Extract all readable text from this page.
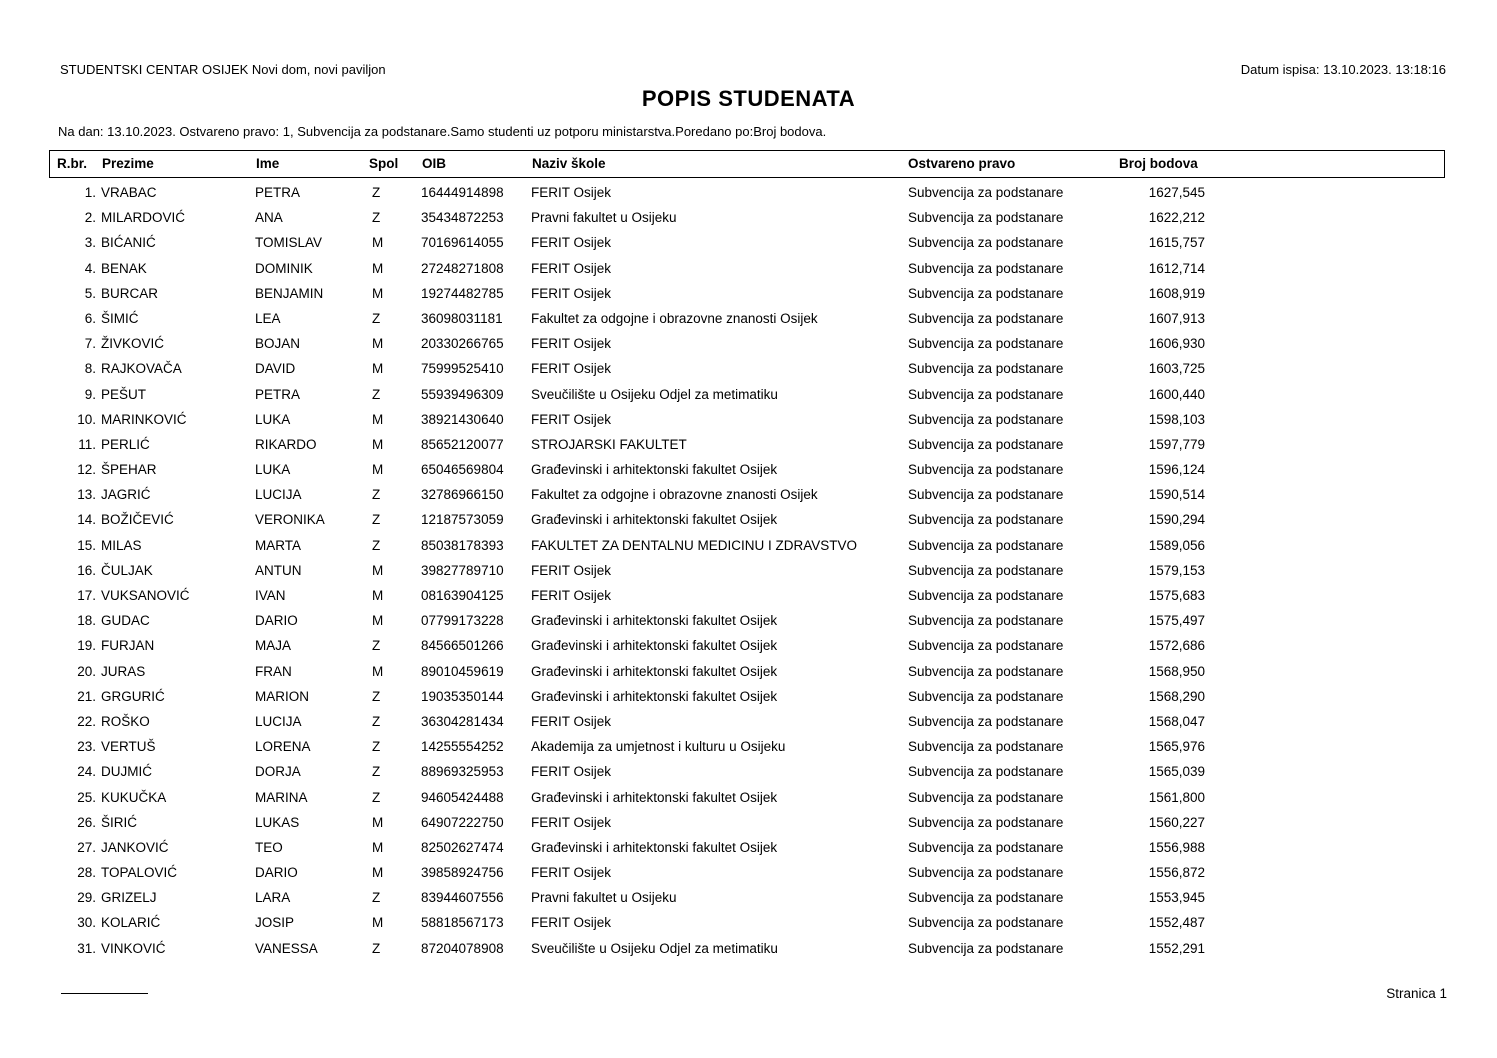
STUDENTSKI CENTAR OSIJEK Novi dom, novi paviljon	Datum ispisa: 13.10.2023. 13:18:16
POPIS STUDENATA
Na dan: 13.10.2023. Ostvareno pravo: 1, Subvencija za podstanare.Samo studenti uz potporu ministarstva.Poredano po:Broj bodova.
R.br. Prezime	Ime	Spol OIB	Naziv škole	Ostvareno pravo	Broj bodova
1. VRABAC	PETRA	Z	16444914898 FERIT Osijek	Subvencija za podstanare	1627,545
2. MILARDOVIĆ	ANA	Z	35434872253 Pravni fakultet u Osijeku	Subvencija za podstanare	1622,212
3. BIĆANIĆ	TOMISLAV	M	70169614055 FERIT Osijek	Subvencija za podstanare	1615,757
4. BENAK	DOMINIK	M	27248271808 FERIT Osijek	Subvencija za podstanare	1612,714
5. BURCAR	BENJAMIN	M	19274482785 FERIT Osijek	Subvencija za podstanare	1608,919
6. ŠIMIĆ	LEA	Z	36098031181 Fakultet za odgojne i obrazovne znanosti Osijek	Subvencija za podstanare	1607,913
7. ŽIVKOVIĆ	BOJAN	M	20330266765 FERIT Osijek	Subvencija za podstanare	1606,930
8. RAJKOVAČA	DAVID	M	75999525410 FERIT Osijek	Subvencija za podstanare	1603,725
9. PEŠUT	PETRA	Z	55939496309 Sveučilište u Osijeku Odjel za metimatiku	Subvencija za podstanare	1600,440
10. MARINKOVIĆ	LUKA	M	38921430640 FERIT Osijek	Subvencija za podstanare	1598,103
11. PERLIĆ	RIKARDO	M	85652120077 STROJARSKI FAKULTET	Subvencija za podstanare	1597,779
12. ŠPEHAR	LUKA	M	65046569804 Građevinski i arhitektonski fakultet Osijek	Subvencija za podstanare	1596,124
13. JAGRIĆ	LUCIJA	Z	32786966150 Fakultet za odgojne i obrazovne znanosti Osijek	Subvencija za podstanare	1590,514
14. BOŽIČEVIĆ	VERONIKA	Z	12187573059 Građevinski i arhitektonski fakultet Osijek	Subvencija za podstanare	1590,294
15. MILAS	MARTA	Z	85038178393 FAKULTET ZA DENTALNU MEDICINU I ZDRAVSTVO	Subvencija za podstanare	1589,056
16. ČULJAK	ANTUN	M	39827789710 FERIT Osijek	Subvencija za podstanare	1579,153
17. VUKSANOVIĆ	IVAN	M	08163904125 FERIT Osijek	Subvencija za podstanare	1575,683
18. GUDAC	DARIO	M	07799173228 Građevinski i arhitektonski fakultet Osijek	Subvencija za podstanare	1575,497
19. FURJAN	MAJA	Z	84566501266 Građevinski i arhitektonski fakultet Osijek	Subvencija za podstanare	1572,686
20. JURAS	FRAN	M	89010459619 Građevinski i arhitektonski fakultet Osijek	Subvencija za podstanare	1568,950
21. GRGURIĆ	MARION	Z	19035350144 Građevinski i arhitektonski fakultet Osijek	Subvencija za podstanare	1568,290
22. ROŠKO	LUCIJA	Z	36304281434 FERIT Osijek	Subvencija za podstanare	1568,047
23. VERTUŠ	LORENA	Z	14255554252 Akademija za umjetnost i kulturu u Osijeku	Subvencija za podstanare	1565,976
24. DUJMIĆ	DORJA	Z	88969325953 FERIT Osijek	Subvencija za podstanare	1565,039
25. KUKUČKA	MARINA	Z	94605424488 Građevinski i arhitektonski fakultet Osijek	Subvencija za podstanare	1561,800
26. ŠIRIĆ	LUKAS	M	64907222750 FERIT Osijek	Subvencija za podstanare	1560,227
27. JANKOVIĆ	TEO	M	82502627474 Građevinski i arhitektonski fakultet Osijek	Subvencija za podstanare	1556,988
28. TOPALOVIĆ	DARIO	M	39858924756 FERIT Osijek	Subvencija za podstanare	1556,872
29. GRIZELJ	LARA	Z	83944607556 Pravni fakultet u Osijeku	Subvencija za podstanare	1553,945
30. KOLARIĆ	JOSIP	M	58818567173 FERIT Osijek	Subvencija za podstanare	1552,487
31. VINKOVIĆ	VANESSA	Z	87204078908 Sveučilište u Osijeku Odjel za metimatiku	Subvencija za podstanare	1552,291
Stranica 1
